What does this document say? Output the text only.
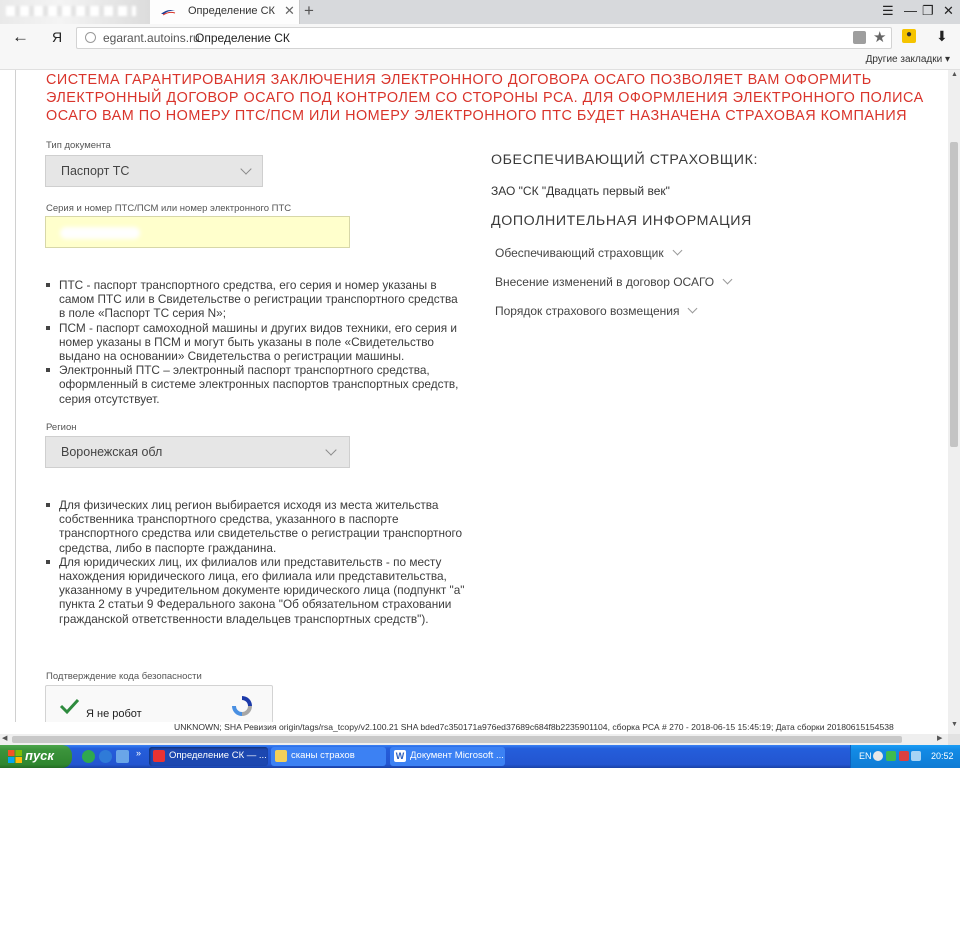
Определение СК ✕ +	☰ — ❐ ✕
← Я	egarant.autoins.ru
Определение СК	★	● ⬇
Другие закладки ▾
СИСТЕМА ГАРАНТИРОВАНИЯ ЗАКЛЮЧЕНИЯ ЭЛЕКТРОННОГО ДОГОВОРА ОСАГО ПОЗВОЛЯЕТ ВАМ ОФОРМИТЬ ЭЛЕКТРОННЫЙ ДОГОВОР ОСАГО ПОД КОНТРОЛЕМ СО СТОРОНЫ РСА. ДЛЯ ОФОРМЛЕНИЯ ЭЛЕКТРОННОГО ПОЛИСА ОСАГО ВАМ ПО НОМЕРУ ПТС/ПСМ ИЛИ НОМЕРУ ЭЛЕКТРОННОГО ПТС БУДЕТ НАЗНАЧЕНА СТРАХОВАЯ КОМПАНИЯ
Тип документа
Паспорт ТС
Серия и номер ПТС/ПСМ или номер электронного ПТС
ПТС - паспорт транспортного средства, его серия и номер указаны в самом ПТС или в Свидетельстве о регистрации транспортного средства в поле «Паспорт ТС серия N»;
ПСМ - паспорт самоходной машины и других видов техники, его серия и номер указаны в ПСМ и могут быть указаны в поле «Свидетельство выдано на основании» Свидетельства о регистрации машины.
Электронный ПТС – электронный паспорт транспортного средства, оформленный в системе электронных паспортов транспортных средств, серия отсутствует.
Регион
Воронежская обл
Для физических лиц регион выбирается исходя из места жительства собственника транспортного средства, указанного в паспорте транспортного средства или свидетельстве о регистрации транспортного средства, либо в паспорте гражданина.
Для юридических лиц, их филиалов или представительств - по месту нахождения юридического лица, его филиала или представительства, указанному в учредительном документе юридического лица (подпункт "а" пункта 2 статьи 9 Федерального закона "Об обязательном страховании гражданской ответственности владельцев транспортных средств").
Подтверждение кода безопасности
Я не робот
ОБЕСПЕЧИВАЮЩИЙ СТРАХОВЩИК:
ЗАО "СК "Двадцать первый век"
ДОПОЛНИТЕЛЬНАЯ ИНФОРМАЦИЯ
Обеспечивающий страховщик
Внесение изменений в договор ОСАГО
Порядок страхового возмещения
UNKNOWN; SHA Ревизия origin/tags/rsa_tcopy/v2.100.21 SHA bded7c350171a976ed37689c684f8b2235901104, сборка РСА # 270 - 2018-06-15 15:45:19; Дата сборки 20180615154538
▲
▼
◀	▶
пуск	»	Определение СК — ...	сканы страхов	W Документ Microsoft ...	EN	20:52
